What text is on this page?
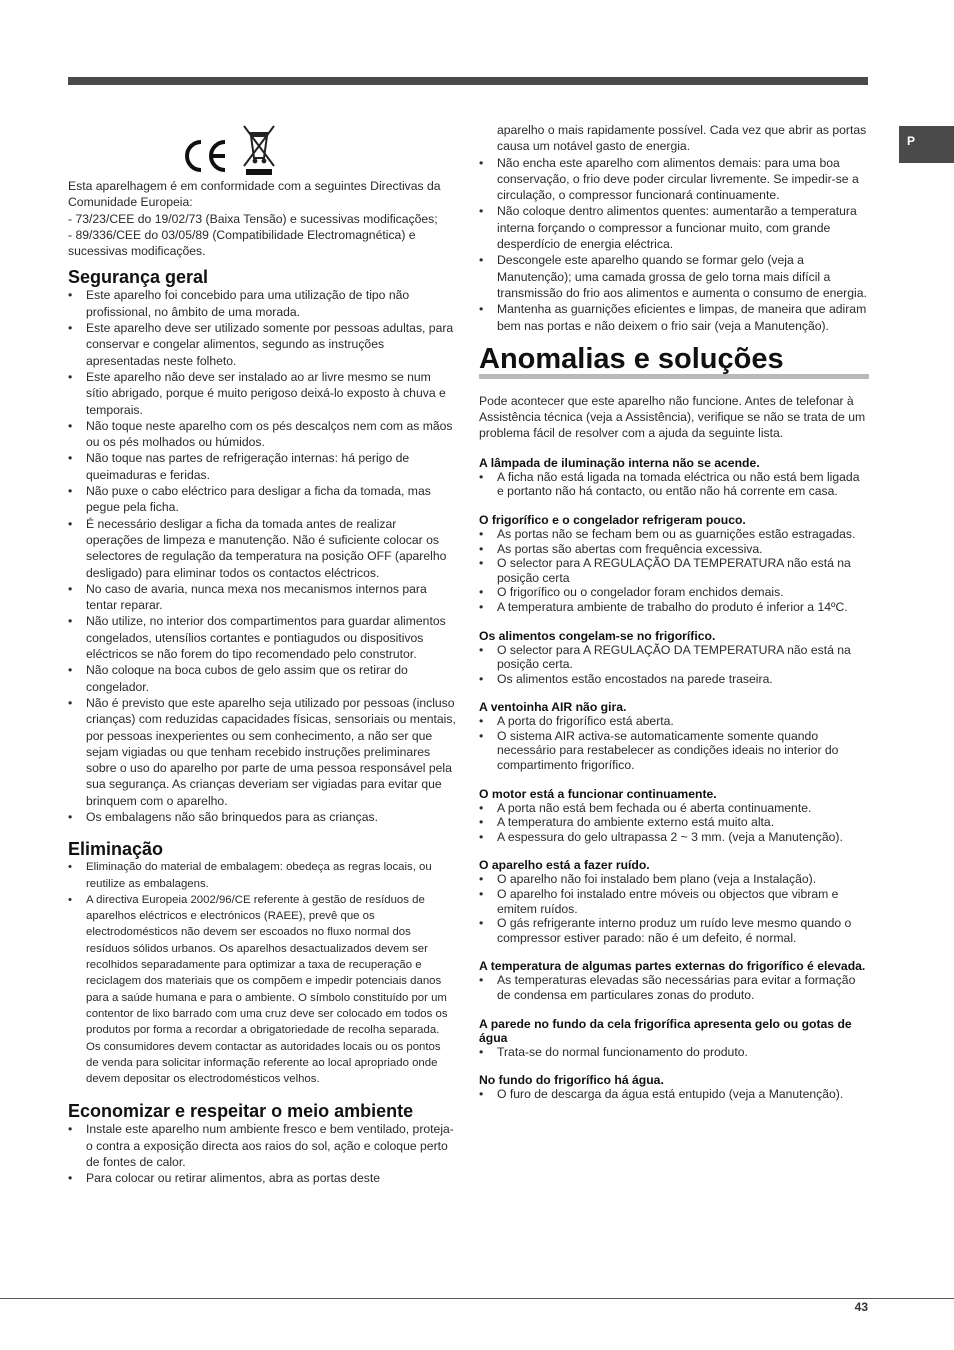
P

Esta aparelhagem é em conformidade com a seguintes Directivas da Comunidade Europeia:

- 73/23/CEE do 19/02/73 (Baixa Tensão) e sucessivas modificações;

- 89/336/CEE do 03/05/89 (Compatibilidade Electromagnética) e sucessivas modificações.

Segurança geral
• Este aparelho foi concebido para uma utilização de tipo não profissional, no âmbito de uma morada.
• Este aparelho deve ser utilizado somente por pessoas adultas, para conservar e congelar alimentos, segundo as instruções apresentadas neste folheto.
• Este aparelho não deve ser instalado ao ar livre mesmo se num sítio abrigado, porque é muito perigoso deixá-lo exposto à chuva e temporais.
• Não toque neste aparelho com os pés descalços nem com as mãos ou os pés molhados ou húmidos.
• Não toque nas partes de refrigeração internas: há perigo de queimaduras e feridas.
• Não puxe o cabo eléctrico para desligar a ficha da tomada, mas pegue pela ficha.
• É necessário desligar a ficha da tomada antes de realizar operações de limpeza e manutenção. Não é suficiente colocar os selectores de regulação da temperatura na posição OFF (aparelho desligado) para eliminar todos os contactos eléctricos.
• No caso de avaria, nunca mexa nos mecanismos internos para tentar reparar.
• Não utilize, no interior dos compartimentos para guardar alimentos congelados, utensílios cortantes e pontiagudos ou dispositivos eléctricos se não forem do tipo recomendado pelo construtor.
• Não coloque na boca cubos de gelo assim que os retirar do congelador.
• Não é previsto que este aparelho seja utilizado por pessoas (incluso crianças) com reduzidas capacidades físicas, sensoriais ou mentais, por pessoas inexperientes ou sem conhecimento, a não ser que sejam vigiadas ou que tenham recebido instruções preliminares sobre o uso do aparelho por parte de uma pessoa responsável pela sua segurança. As crianças deveriam ser vigiadas para evitar que brinquem com o aparelho.
• Os embalagens não são brinquedos para as crianças.
Eliminação
• Eliminação do material de embalagem: obedeça as regras locais, ou reutilize as embalagens.
• A directiva Europeia 2002/96/CE referente à gestão de resíduos de aparelhos eléctricos e electrónicos (RAEE), prevê que os electrodomésticos não devem ser escoados no fluxo normal dos resíduos sólidos urbanos. Os aparelhos desactualizados devem ser recolhidos separadamente para optimizar a taxa de recuperação e reciclagem dos materiais que os compõem e impedir potenciais danos para a saúde humana e para o ambiente. O símbolo constituído por um contentor de lixo barrado com uma cruz deve ser colocado em todos os produtos por forma a recordar a obrigatoriedade de recolha separada. Os consumidores devem contactar as autoridades locais ou os pontos de venda para solicitar informação referente ao local apropriado onde devem depositar os electrodomésticos velhos.
Economizar e respeitar o meio ambiente
• Instale este aparelho num ambiente fresco e bem ventilado, proteja-o contra a exposição directa aos raios do sol, ação e coloque perto de fontes de calor.
• Para colocar ou retirar alimentos, abra as portas deste

aparelho o mais rapidamente possível. Cada vez que abrir as portas causa um notável gasto de energia.

• Não encha este aparelho com alimentos demais: para uma boa conservação, o frio deve poder circular livremente. Se impedir-se a circulação, o compressor funcionará continuamente.
• Não coloque dentro alimentos quentes: aumentarão a temperatura interna forçando o compressor a funcionar muito, com grande desperdício de energia eléctrica.
• Descongele este aparelho quando se formar gelo (veja a Manutenção); uma camada grossa de gelo torna mais difícil a transmissão do frio aos alimentos e aumenta o consumo de energia.
• Mantenha as guarnições eficientes e limpas, de maneira que adiram bem nas portas e não deixem o frio sair (veja a Manutenção).
Anomalias e soluções

Pode acontecer que este aparelho não funcione. Antes de telefonar à Assistência técnica (veja a Assistência), verifique se não se trata de um problema fácil de resolver com a ajuda da seguinte lista.

A lâmpada de iluminação interna não se acende.

• A ficha não está ligada na tomada eléctrica ou não está bem ligada e portanto não há contacto, ou então não há corrente em casa.

O frigorífico e o congelador refrigeram pouco.

• As portas não se fecham bem ou as guarnições estão estragadas.
• As portas são abertas com frequência excessiva.
• O selector para A REGULAÇÃO DA TEMPERATURA não está na posição certa
• O frigorífico ou o congelador foram enchidos demais.
• A temperatura ambiente de trabalho do produto é inferior a 14ºC.

Os alimentos congelam-se no frigorífico.

• O selector para A REGULAÇÃO DA TEMPERATURA não está na posição certa.
• Os alimentos estão encostados na parede traseira.

A ventoinha AIR não gira.

• A porta do frigorífico está aberta.
• O sistema AIR activa-se automaticamente somente quando necessário para restabelecer as condições ideais no interior do compartimento frigorífico.

O motor está a funcionar continuamente.

• A porta não está bem fechada ou é aberta continuamente.
• A temperatura do ambiente externo está muito alta.
• A espessura do gelo ultrapassa 2 ~ 3 mm. (veja a Manutenção).

O aparelho está a fazer ruído.

• O aparelho não foi instalado bem plano (veja a Instalação).
• O aparelho foi instalado entre móveis ou objectos que vibram e emitem ruídos.
• O gás refrigerante interno produz um ruído leve mesmo quando o compressor estiver parado: não é um defeito, é normal.

A temperatura de algumas partes externas do frigorífico é elevada.

• As temperaturas elevadas são necessárias para evitar a formação de condensa em particulares zonas do produto.

A parede no fundo da cela frigorífica apresenta gelo ou gotas de água

• Trata-se do normal funcionamento do produto.

No fundo do frigorífico há água.

• O furo de descarga da água está entupido (veja a Manutenção).
43
